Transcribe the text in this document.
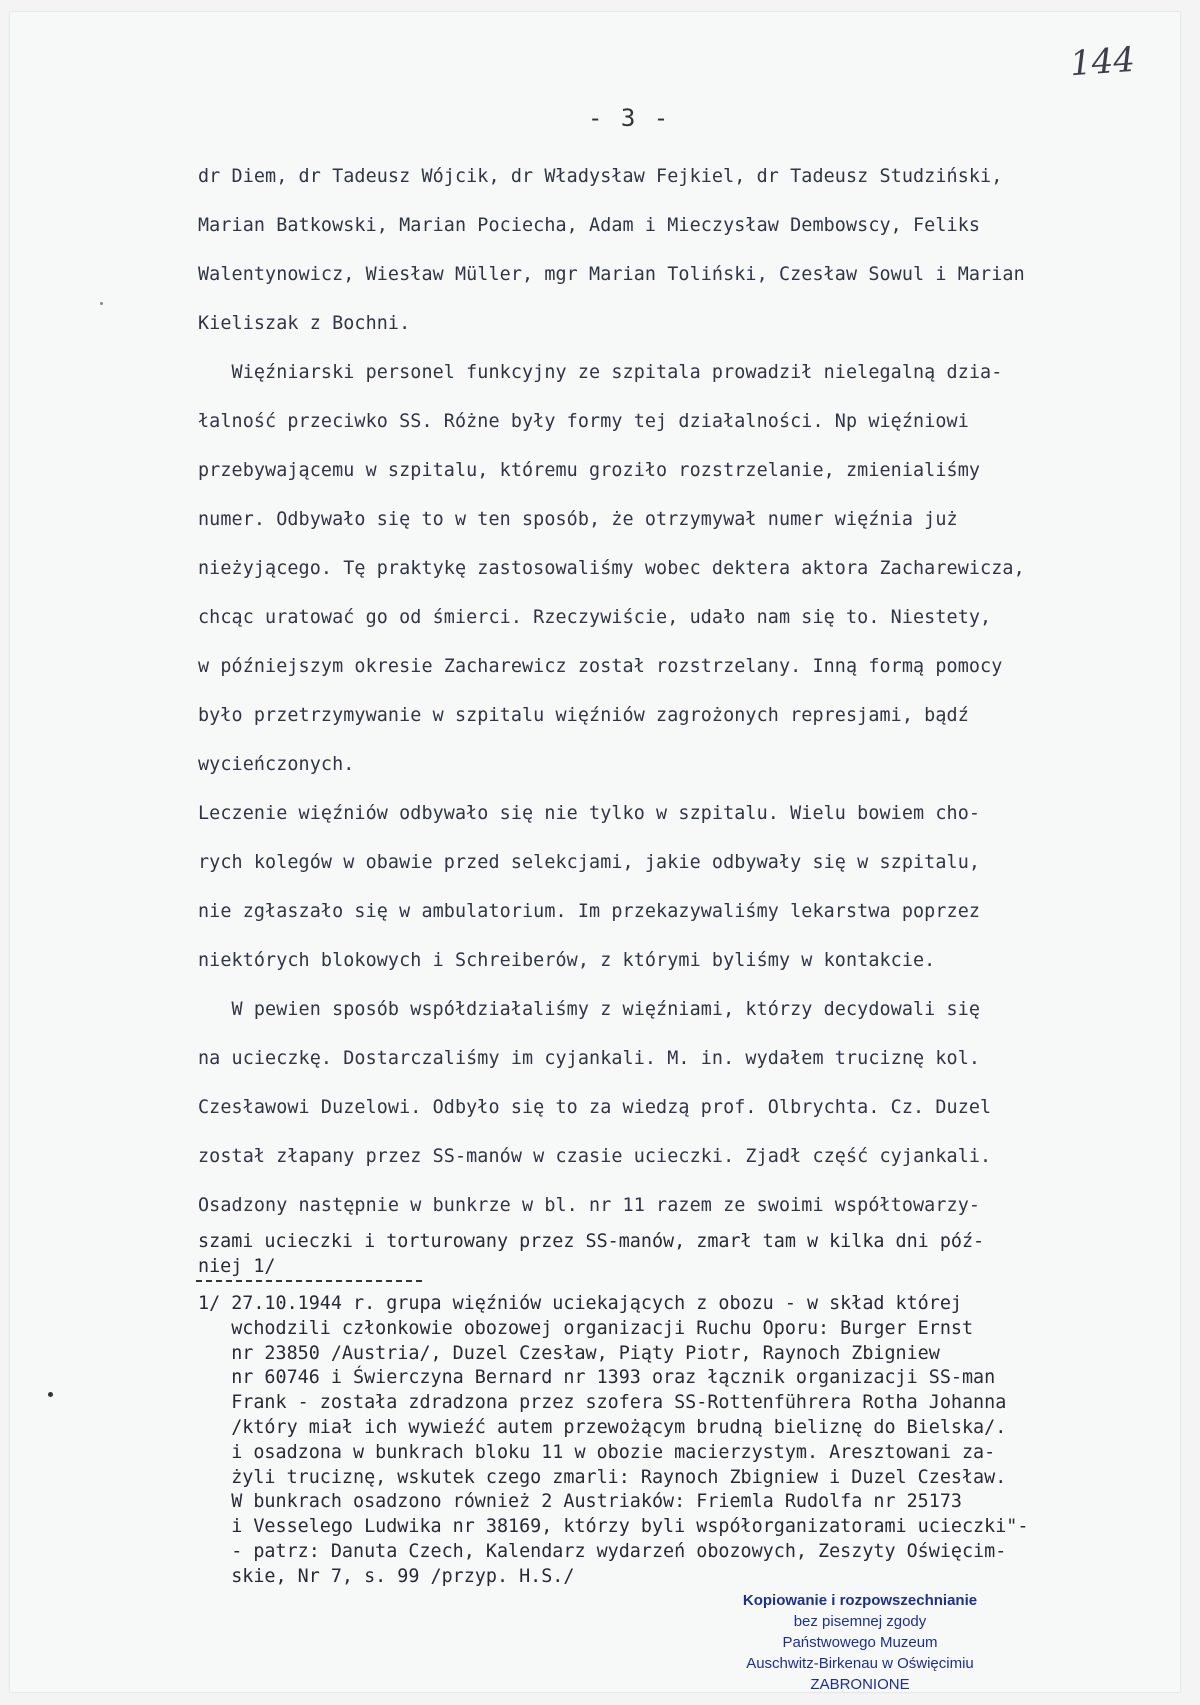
144
- 3 -
dr Diem, dr Tadeusz Wójcik, dr Władysław Fejkiel, dr Tadeusz Studziński,
Marian Batkowski, Marian Pociecha, Adam i Mieczysław Dembowscy, Feliks
Walentynowicz, Wiesław Müller, mgr Marian Toliński, Czesław Sowul i Marian
Kieliszak z Bochni.
Więźniarski personel funkcyjny ze szpitala prowadził nielegalną dzia-
łalność przeciwko SS. Różne były formy tej działalności. Np więźniowi
przebywającemu w szpitalu, któremu groziło rozstrzelanie, zmienialiśmy
numer. Odbywało się to w ten sposób, że otrzymywał numer więźnia już
nieżyjącego. Tę praktykę zastosowaliśmy wobec dektera aktora Zacharewicza,
chcąc uratować go od śmierci. Rzeczywiście, udało nam się to. Niestety,
w późniejszym okresie Zacharewicz został rozstrzelany. Inną formą pomocy
było przetrzymywanie w szpitalu więźniów zagrożonych represjami, bądź
wycieńczonych.
Leczenie więźniów odbywało się nie tylko w szpitalu. Wielu bowiem cho-
rych kolegów w obawie przed selekcjami, jakie odbywały się w szpitalu,
nie zgłaszało się w ambulatorium. Im przekazywaliśmy lekarstwa poprzez
niektórych blokowych i Schreiberów, z którymi byliśmy w kontakcie.
W pewien sposób współdziałaliśmy z więźniami, którzy decydowali się
na ucieczkę. Dostarczaliśmy im cyjankali. M. in. wydałem truciznę kol.
Czesławowi Duzelowi. Odbyło się to za wiedzą prof. Olbrychta. Cz. Duzel
został złapany przez SS-manów w czasie ucieczki. Zjadł część cyjankali.
Osadzony następnie w bunkrze w bl. nr 11 razem ze swoimi współtowarzy-
szami ucieczki i torturowany przez SS-manów, zmarł tam w kilka dni póź-
niej 1/
1/ 27.10.1944 r. grupa więźniów uciekających z obozu - w skład której
wchodzili członkowie obozowej organizacji Ruchu Oporu: Burger Ernst
nr 23850 /Austria/, Duzel Czesław, Piąty Piotr, Raynoch Zbigniew
nr 60746 i Świerczyna Bernard nr 1393 oraz łącznik organizacji SS-man
Frank - została zdradzona przez szofera SS-Rottenführera Rotha Johanna
/który miał ich wywieźć autem przewożącym brudną bieliznę do Bielska/.
i osadzona w bunkrach bloku 11 w obozie macierzystym. Aresztowani za-
żyli truciznę, wskutek czego zmarli: Raynoch Zbigniew i Duzel Czesław.
W bunkrach osadzono również 2 Austriaków: Friemla Rudolfa nr 25173
i Vesselego Ludwika nr 38169, którzy byli współorganizatorami ucieczki"-
- patrz: Danuta Czech, Kalendarz wydarzeń obozowych, Zeszyty Oświęcim-
skie, Nr 7, s. 99 /przyp. H.S./
Kopiowanie i rozpowszechnianie
bez pisemnej zgody
Państwowego Muzeum
Auschwitz-Birkenau w Oświęcimiu
ZABRONIONE
